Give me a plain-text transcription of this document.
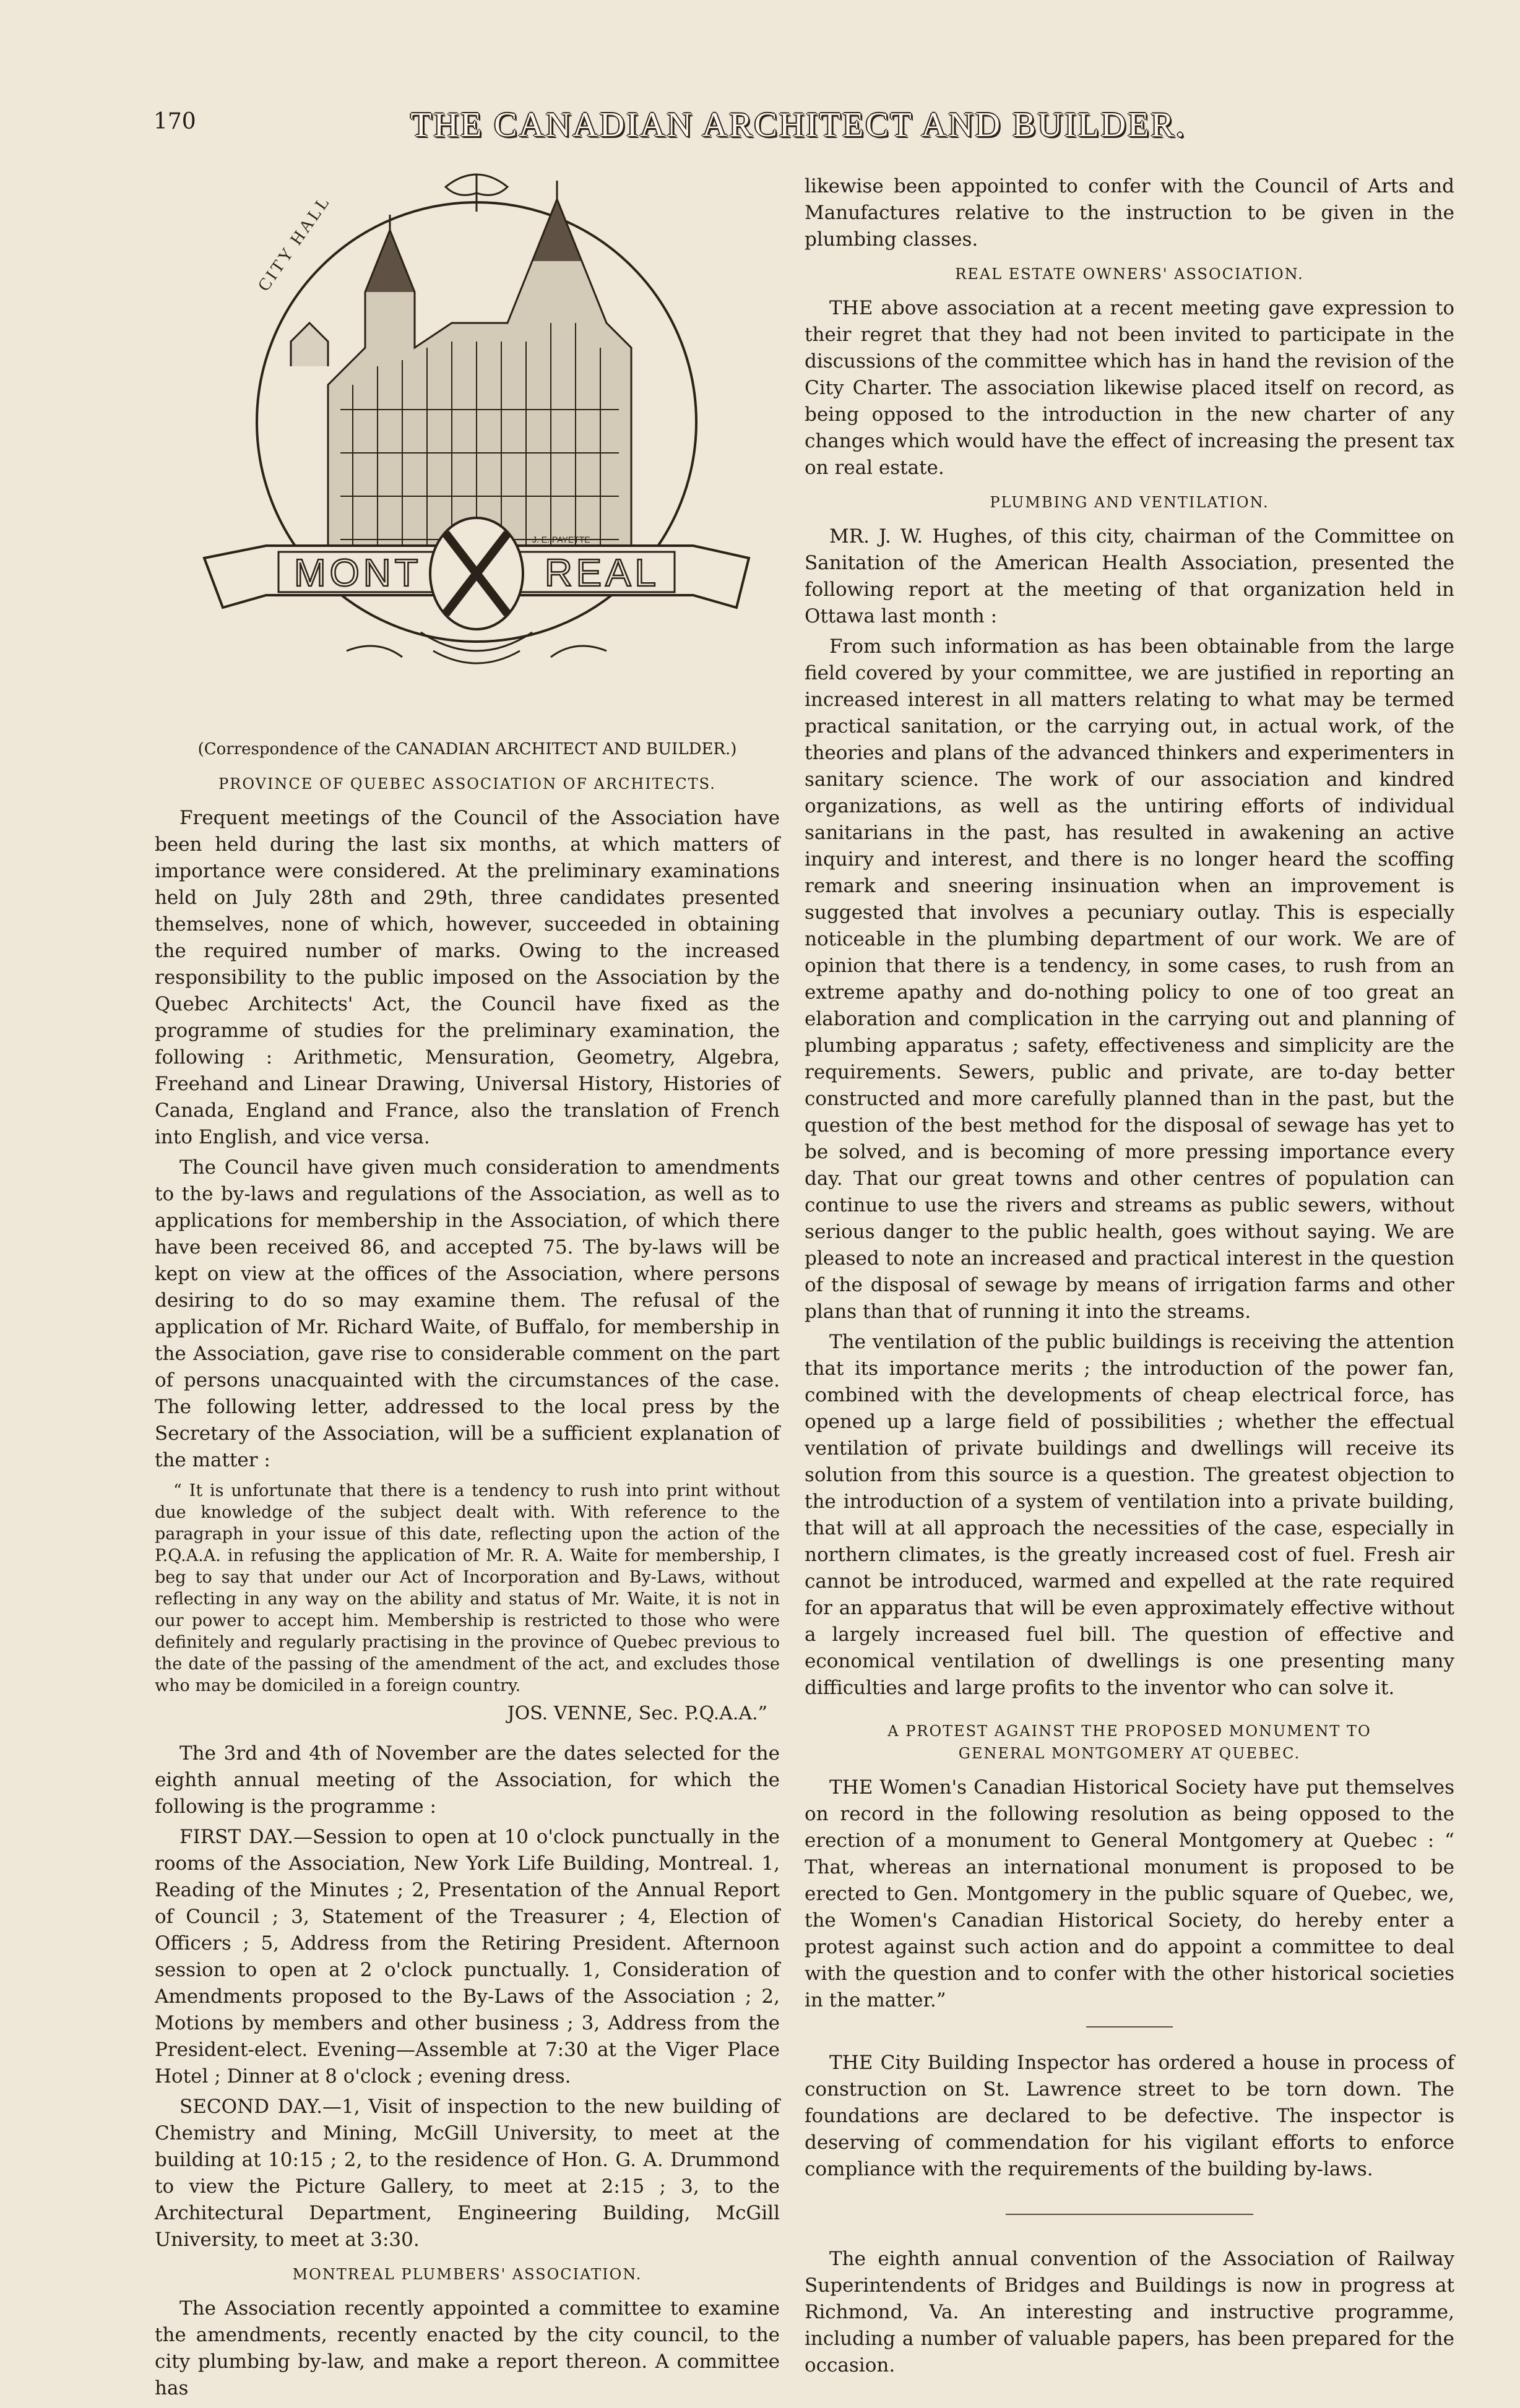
170	THE CANADIAN ARCHITECT AND BUILDER.
CITY HALL
MONT	REAL
J. E. PAYETTE

(Correspondence of the CANADIAN ARCHITECT AND BUILDER.)

PROVINCE OF QUEBEC ASSOCIATION OF ARCHITECTS.

Frequent meetings of the Council of the Association have been held during the last six months, at which matters of importance were considered. At the preliminary examinations held on July 28th and 29th, three candidates presented themselves, none of which, however, succeeded in obtaining the required number of marks. Owing to the increased responsibility to the public imposed on the Association by the Quebec Architects' Act, the Council have fixed as the programme of studies for the preliminary examination, the following : Arithmetic, Mensuration, Geometry, Algebra, Freehand and Linear Drawing, Universal History, Histories of Canada, England and France, also the translation of French into English, and vice versa.

The Council have given much consideration to amendments to the by-laws and regulations of the Association, as well as to applications for membership in the Association, of which there have been received 86, and accepted 75. The by-laws will be kept on view at the offices of the Association, where persons desiring to do so may examine them. The refusal of the application of Mr. Richard Waite, of Buffalo, for membership in the Association, gave rise to considerable comment on the part of persons unacquainted with the circumstances of the case. The following letter, addressed to the local press by the Secretary of the Association, will be a sufficient explanation of the matter :

“ It is unfortunate that there is a tendency to rush into print without due knowledge of the subject dealt with. With reference to the paragraph in your issue of this date, reflecting upon the action of the P.Q.A.A. in refusing the application of Mr. R. A. Waite for membership, I beg to say that under our Act of Incorporation and By-Laws, without reflecting in any way on the ability and status of Mr. Waite, it is not in our power to accept him. Membership is restricted to those who were definitely and regularly practising in the province of Quebec previous to the date of the passing of the amendment of the act, and excludes those who may be domiciled in a foreign country.

JOS. VENNE, Sec. P.Q.A.A.”

The 3rd and 4th of November are the dates selected for the eighth annual meeting of the Association, for which the following is the programme :

FIRST DAY.—Session to open at 10 o'clock punctually in the rooms of the Association, New York Life Building, Montreal. 1, Reading of the Minutes ; 2, Presentation of the Annual Report of Council ; 3, Statement of the Treasurer ; 4, Election of Officers ; 5, Address from the Retiring President. Afternoon session to open at 2 o'clock punctually. 1, Consideration of Amendments proposed to the By-Laws of the Association ; 2, Motions by members and other business ; 3, Address from the President-elect. Evening—Assemble at 7:30 at the Viger Place Hotel ; Dinner at 8 o'clock ; evening dress.

SECOND DAY.—1, Visit of inspection to the new building of Chemistry and Mining, McGill University, to meet at the building at 10:15 ; 2, to the residence of Hon. G. A. Drummond to view the Picture Gallery, to meet at 2:15 ; 3, to the Architectural Department, Engineering Building, McGill University, to meet at 3:30.

MONTREAL PLUMBERS' ASSOCIATION.

The Association recently appointed a committee to examine the amendments, recently enacted by the city council, to the city plumbing by-law, and make a report thereon. A committee has

likewise been appointed to confer with the Council of Arts and Manufactures relative to the instruction to be given in the plumbing classes.

REAL ESTATE OWNERS' ASSOCIATION.

THE above association at a recent meeting gave expression to their regret that they had not been invited to participate in the discussions of the committee which has in hand the revision of the City Charter. The association likewise placed itself on record, as being opposed to the introduction in the new charter of any changes which would have the effect of increasing the present tax on real estate.

PLUMBING AND VENTILATION.

MR. J. W. Hughes, of this city, chairman of the Committee on Sanitation of the American Health Association, presented the following report at the meeting of that organization held in Ottawa last month :

From such information as has been obtainable from the large field covered by your committee, we are justified in reporting an increased interest in all matters relating to what may be termed practical sanitation, or the carrying out, in actual work, of the theories and plans of the advanced thinkers and experimenters in sanitary science. The work of our association and kindred organizations, as well as the untiring efforts of individual sanitarians in the past, has resulted in awakening an active inquiry and interest, and there is no longer heard the scoffing remark and sneering insinuation when an improvement is suggested that involves a pecuniary outlay. This is especially noticeable in the plumbing department of our work. We are of opinion that there is a tendency, in some cases, to rush from an extreme apathy and do-nothing policy to one of too great an elaboration and complication in the carrying out and planning of plumbing apparatus ; safety, effectiveness and simplicity are the requirements. Sewers, public and private, are to-day better constructed and more carefully planned than in the past, but the question of the best method for the disposal of sewage has yet to be solved, and is becoming of more pressing importance every day. That our great towns and other centres of population can continue to use the rivers and streams as public sewers, without serious danger to the public health, goes without saying. We are pleased to note an increased and practical interest in the question of the disposal of sewage by means of irrigation farms and other plans than that of running it into the streams.

The ventilation of the public buildings is receiving the attention that its importance merits ; the introduction of the power fan, combined with the developments of cheap electrical force, has opened up a large field of possibilities ; whether the effectual ventilation of private buildings and dwellings will receive its solution from this source is a question. The greatest objection to the introduction of a system of ventilation into a private building, that will at all approach the necessities of the case, especially in northern climates, is the greatly increased cost of fuel. Fresh air cannot be introduced, warmed and expelled at the rate required for an apparatus that will be even approximately effective without a largely increased fuel bill. The question of effective and economical ventilation of dwellings is one presenting many difficulties and large profits to the inventor who can solve it.

A PROTEST AGAINST THE PROPOSED MONUMENT TO
GENERAL MONTGOMERY AT QUEBEC.

THE Women's Canadian Historical Society have put themselves on record in the following resolution as being opposed to the erection of a monument to General Montgomery at Quebec : “ That, whereas an international monument is proposed to be erected to Gen. Montgomery in the public square of Quebec, we, the Women's Canadian Historical Society, do hereby enter a protest against such action and do appoint a committee to deal with the question and to confer with the other historical societies in the matter.”

THE City Building Inspector has ordered a house in process of construction on St. Lawrence street to be torn down. The foundations are declared to be defective. The inspector is deserving of commendation for his vigilant efforts to enforce compliance with the requirements of the building by-laws.

The eighth annual convention of the Association of Railway Superintendents of Bridges and Buildings is now in progress at Richmond, Va. An interesting and instructive programme, including a number of valuable papers, has been prepared for the occasion.
